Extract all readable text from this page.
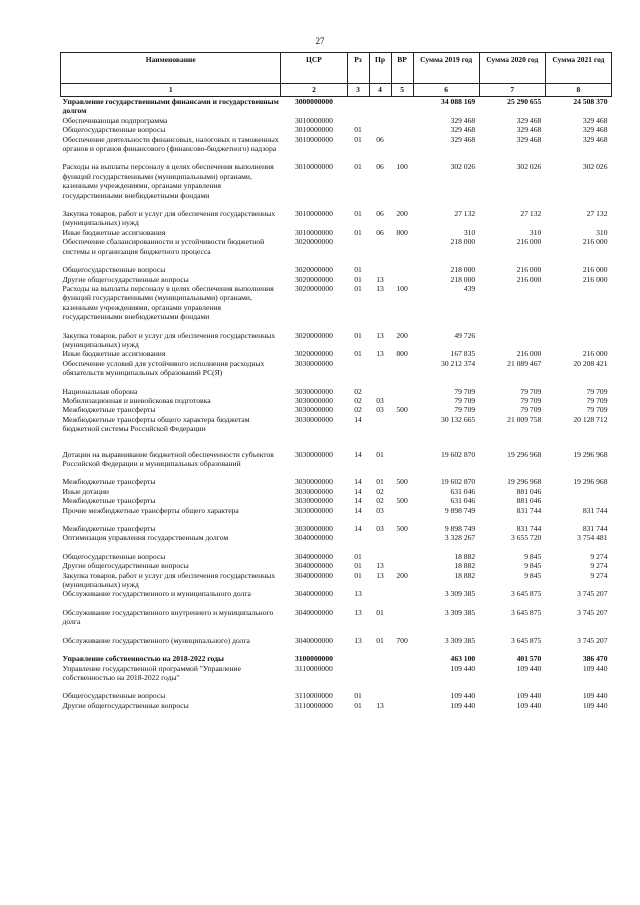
27
Наименование	ЦСР	Рз	Пр	ВР	Сумма 2019 год	Сумма 2020 год	Сумма 2021 год
1	2	3	4	5	6	7	8
Управление государственными финансами и государственным долгом	3000000000				34 088 169	25 290 655	24 508 370
Обеспечивающая подпрограмма	3010000000				329 468	329 468	329 468
Общегосударственные вопросы	3010000000	01			329 468	329 468	329 468
Обеспечение деятельности финансовых, налоговых и таможенных органов и органов финансового (финансово-бюджетного) надзора	3010000000	01	06		329 468	329 468	329 468
Расходы на выплаты персоналу в целях обеспечения выполнения функций государственными (муниципальными) органами, казенными учреждениями, органами управления государственными внебюджетными фондами	3010000000	01	06	100	302 026	302 026	302 026
Закупка товаров, работ и услуг для обеспечения государственных (муниципальных) нужд	3010000000	01	06	200	27 132	27 132	27 132
Иные бюджетные ассигнования	3010000000	01	06	800	310	310	310
Обеспечение сбалансированности и устойчивости бюджетной системы и организация бюджетного процесса	3020000000				218 000	216 000	216 000
Общегосударственные вопросы	3020000000	01			218 000	216 000	216 000
Другие общегосударственные вопросы	3020000000	01	13		218 000	216 000	216 000
Расходы на выплаты персоналу в целях обеспечения выполнения функций государственными (муниципальными) органами, казенными учреждениями, органами управления государственными внебюджетными фондами	3020000000	01	13	100	439		
Закупка товаров, работ и услуг для обеспечения государственных (муниципальных) нужд	3020000000	01	13	200	49 726		
Иные бюджетные ассигнования	3020000000	01	13	800	167 835	216 000	216 000
Обеспечение условий для устойчивого исполнения расходных обязательств муниципальных образований РС(Я)	3030000000				30 212 374	21 089 467	20 208 421
Национальная оборона	3030000000	02			79 709	79 709	79 709
Мобилизационная и вневойсковая подготовка	3030000000	02	03		79 709	79 709	79 709
Межбюджетные трансферты	3030000000	02	03	500	79 709	79 709	79 709
Межбюджетные трансферты общего характера бюджетам бюджетной системы Российской Федерации	3030000000	14			30 132 665	21 009 758	20 128 712
Дотации на выравнивание бюджетной обеспеченности субъектов Российской Федерации и муниципальных образований	3030000000	14	01		19 602 870	19 296 968	19 296 968
Межбюджетные трансферты	3030000000	14	01	500	19 602 870	19 296 968	19 296 968
Иные дотации	3030000000	14	02		631 046	881 046	
Межбюджетные трансферты	3030000000	14	02	500	631 046	881 046	
Прочие межбюджетные трансферты общего характера	3030000000	14	03		9 898 749	831 744	831 744
Межбюджетные трансферты	3030000000	14	03	500	9 898 749	831 744	831 744
Оптимизация управления государственным долгом	3040000000				3 328 267	3 655 720	3 754 481
Общегосударственные вопросы	3040000000	01			18 882	9 845	9 274
Другие общегосударственные вопросы	3040000000	01	13		18 882	9 845	9 274
Закупка товаров, работ и услуг для обеспечения государственных (муниципальных) нужд	3040000000	01	13	200	18 882	9 845	9 274
Обслуживание государственного и муниципального долга	3040000000	13			3 309 385	3 645 875	3 745 207
Обслуживание государственного внутреннего и муниципального долга	3040000000	13	01		3 309 385	3 645 875	3 745 207
Обслуживание государственного (муниципального) долга	3040000000	13	01	700	3 309 385	3 645 875	3 745 207
Управление собственностью на 2018-2022 годы	3100000000				463 100	401 570	386 470
Управление государственной программой "Управление собственностью на 2018-2022 годы"	3110000000				109 440	109 440	109 440
Общегосударственные вопросы	3110000000	01			109 440	109 440	109 440
Другие общегосударственные вопросы	3110000000	01	13		109 440	109 440	109 440
